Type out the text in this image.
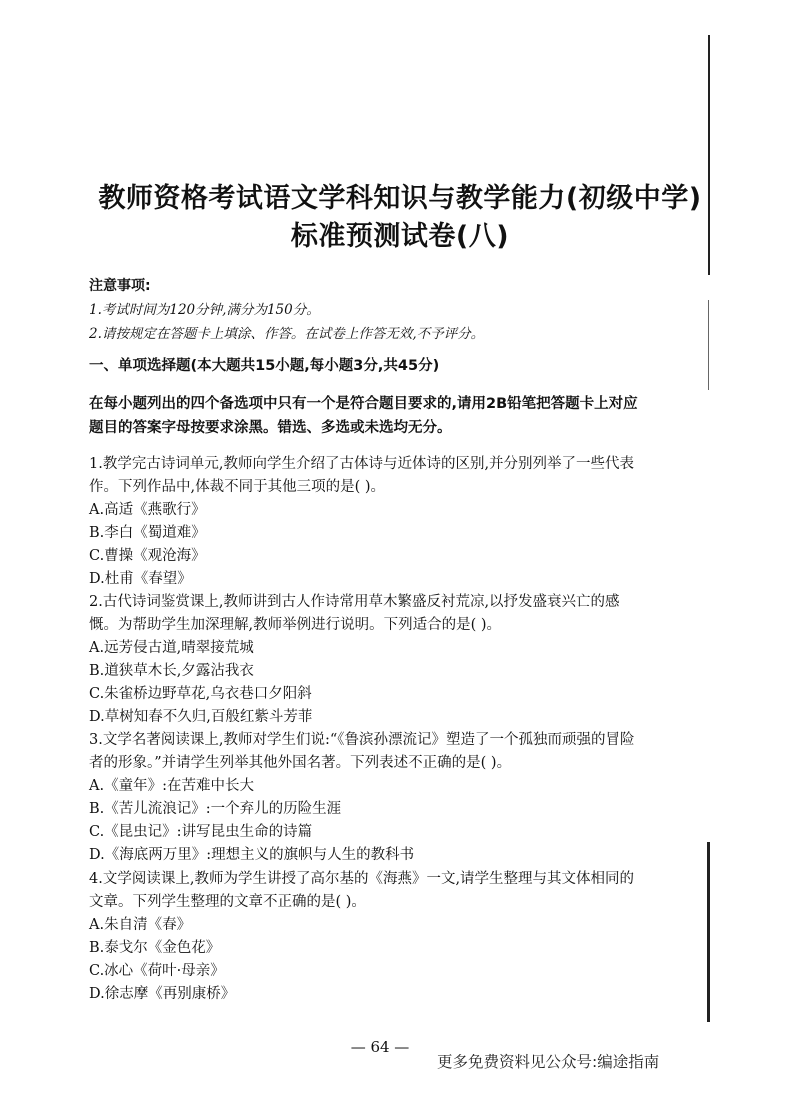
教师资格考试语文学科知识与教学能力(初级中学)
标准预测试卷(八)
注意事项:
1.考试时间为120分钟,满分为150分。
2.请按规定在答题卡上填涂、作答。在试卷上作答无效,不予评分。
一、单项选择题(本大题共15小题,每小题3分,共45分)
在每小题列出的四个备选项中只有一个是符合题目要求的,请用2B铅笔把答题卡上对应
题目的答案字母按要求涂黑。错选、多选或未选均无分。
1.教学完古诗词单元,教师向学生介绍了古体诗与近体诗的区别,并分别列举了一些代表
作。下列作品中,体裁不同于其他三项的是( )。
A.高适《燕歌行》
B.李白《蜀道难》
C.曹操《观沧海》
D.杜甫《春望》
2.古代诗词鉴赏课上,教师讲到古人作诗常用草木繁盛反衬荒凉,以抒发盛衰兴亡的感
慨。为帮助学生加深理解,教师举例进行说明。下列适合的是( )。
A.远芳侵古道,晴翠接荒城
B.道狭草木长,夕露沾我衣
C.朱雀桥边野草花,乌衣巷口夕阳斜
D.草树知春不久归,百般红紫斗芳菲
3.文学名著阅读课上,教师对学生们说:“《鲁滨孙漂流记》塑造了一个孤独而顽强的冒险
者的形象。”并请学生列举其他外国名著。下列表述不正确的是( )。
A.《童年》:在苦难中长大
B.《苦儿流浪记》:一个弃儿的历险生涯
C.《昆虫记》:讲写昆虫生命的诗篇
D.《海底两万里》:理想主义的旗帜与人生的教科书
4.文学阅读课上,教师为学生讲授了高尔基的《海燕》一文,请学生整理与其文体相同的
文章。下列学生整理的文章不正确的是( )。
A.朱自清《春》
B.泰戈尔《金色花》
C.冰心《荷叶·母亲》
D.徐志摩《再别康桥》
— 64 —
更多免费资料见公众号:编途指南
